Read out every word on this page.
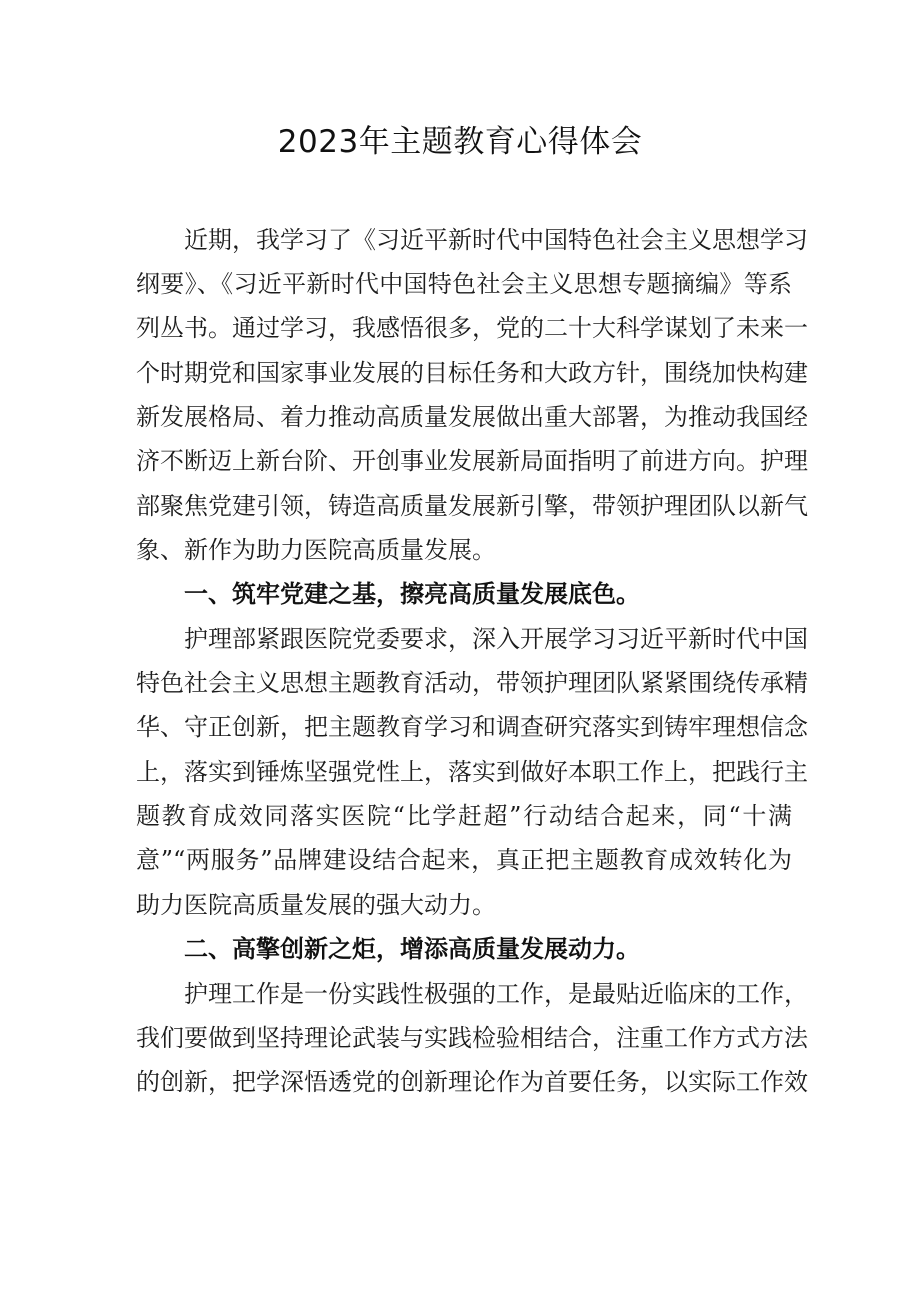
2023年主题教育心得体会

近期，我学习了《习近平新时代中国特色社会主义思想学习

纲要》、《习近平新时代中国特色社会主义思想专题摘编》等系

列丛书。通过学习，我感悟很多，党的二十大科学谋划了未来一

个时期党和国家事业发展的目标任务和大政方针，围绕加快构建

新发展格局、着力推动高质量发展做出重大部署，为推动我国经

济不断迈上新台阶、开创事业发展新局面指明了前进方向。护理

部聚焦党建引领，铸造高质量发展新引擎，带领护理团队以新气

象、新作为助力医院高质量发展。

一、筑牢党建之基，擦亮高质量发展底色。

护理部紧跟医院党委要求，深入开展学习习近平新时代中国

特色社会主义思想主题教育活动，带领护理团队紧紧围绕传承精

华、守正创新，把主题教育学习和调查研究落实到铸牢理想信念

上，落实到锤炼坚强党性上，落实到做好本职工作上，把践行主

题教育成效同落实医院“比学赶超”行动结合起来，同“十满

意”“两服务”品牌建设结合起来，真正把主题教育成效转化为

助力医院高质量发展的强大动力。

二、高擎创新之炬，增添高质量发展动力。

护理工作是一份实践性极强的工作，是最贴近临床的工作，

我们要做到坚持理论武装与实践检验相结合，注重工作方式方法

的创新，把学深悟透党的创新理论作为首要任务，以实际工作效
